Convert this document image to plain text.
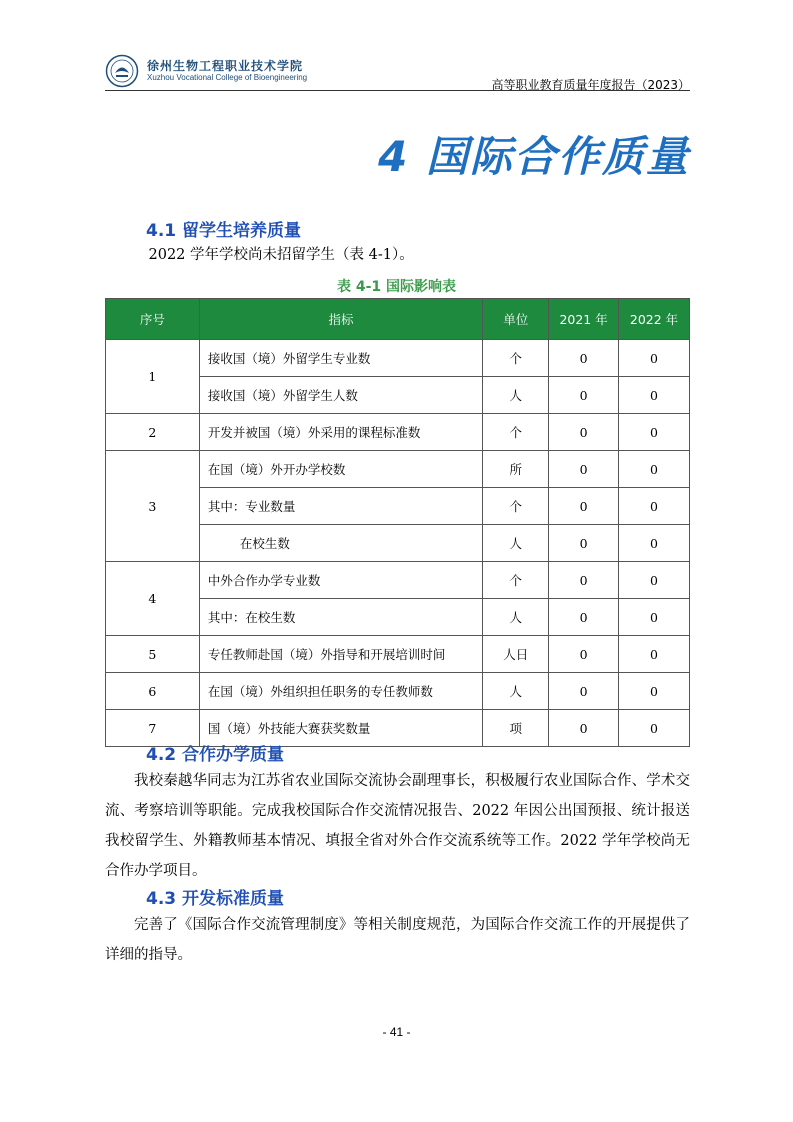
徐州生物工程职业技术学院
Xuzhou Vocational College of Bioengineering
高等职业教育质量年度报告（2023）
4 国际合作质量
4.1 留学生培养质量
2022 学年学校尚未招留学生（表 4-1）。
表 4-1 国际影响表
序号	指标	单位	2021 年	2022 年
1	接收国（境）外留学生专业数	个	0	0
	接收国（境）外留学生人数	人	0	0
2	开发并被国（境）外采用的课程标准数	个	0	0
3	在国（境）外开办学校数	所	0	0
	其中：专业数量	个	0	0
	在校生数	人	0	0
4	中外合作办学专业数	个	0	0
	其中：在校生数	人	0	0
5	专任教师赴国（境）外指导和开展培训时间	人日	0	0
6	在国（境）外组织担任职务的专任教师数	人	0	0
7	国（境）外技能大赛获奖数量	项	0	0
4.2 合作办学质量
我校秦越华同志为江苏省农业国际交流协会副理事长，积极履行农业国际合作、学术交流、考察培训等职能。完成我校国际合作交流情况报告、2022 年因公出国预报、统计报送我校留学生、外籍教师基本情况、填报全省对外合作交流系统等工作。2022 学年学校尚无合作办学项目。
4.3 开发标准质量
完善了《国际合作交流管理制度》等相关制度规范，为国际合作交流工作的开展提供了详细的指导。
- 41 -
